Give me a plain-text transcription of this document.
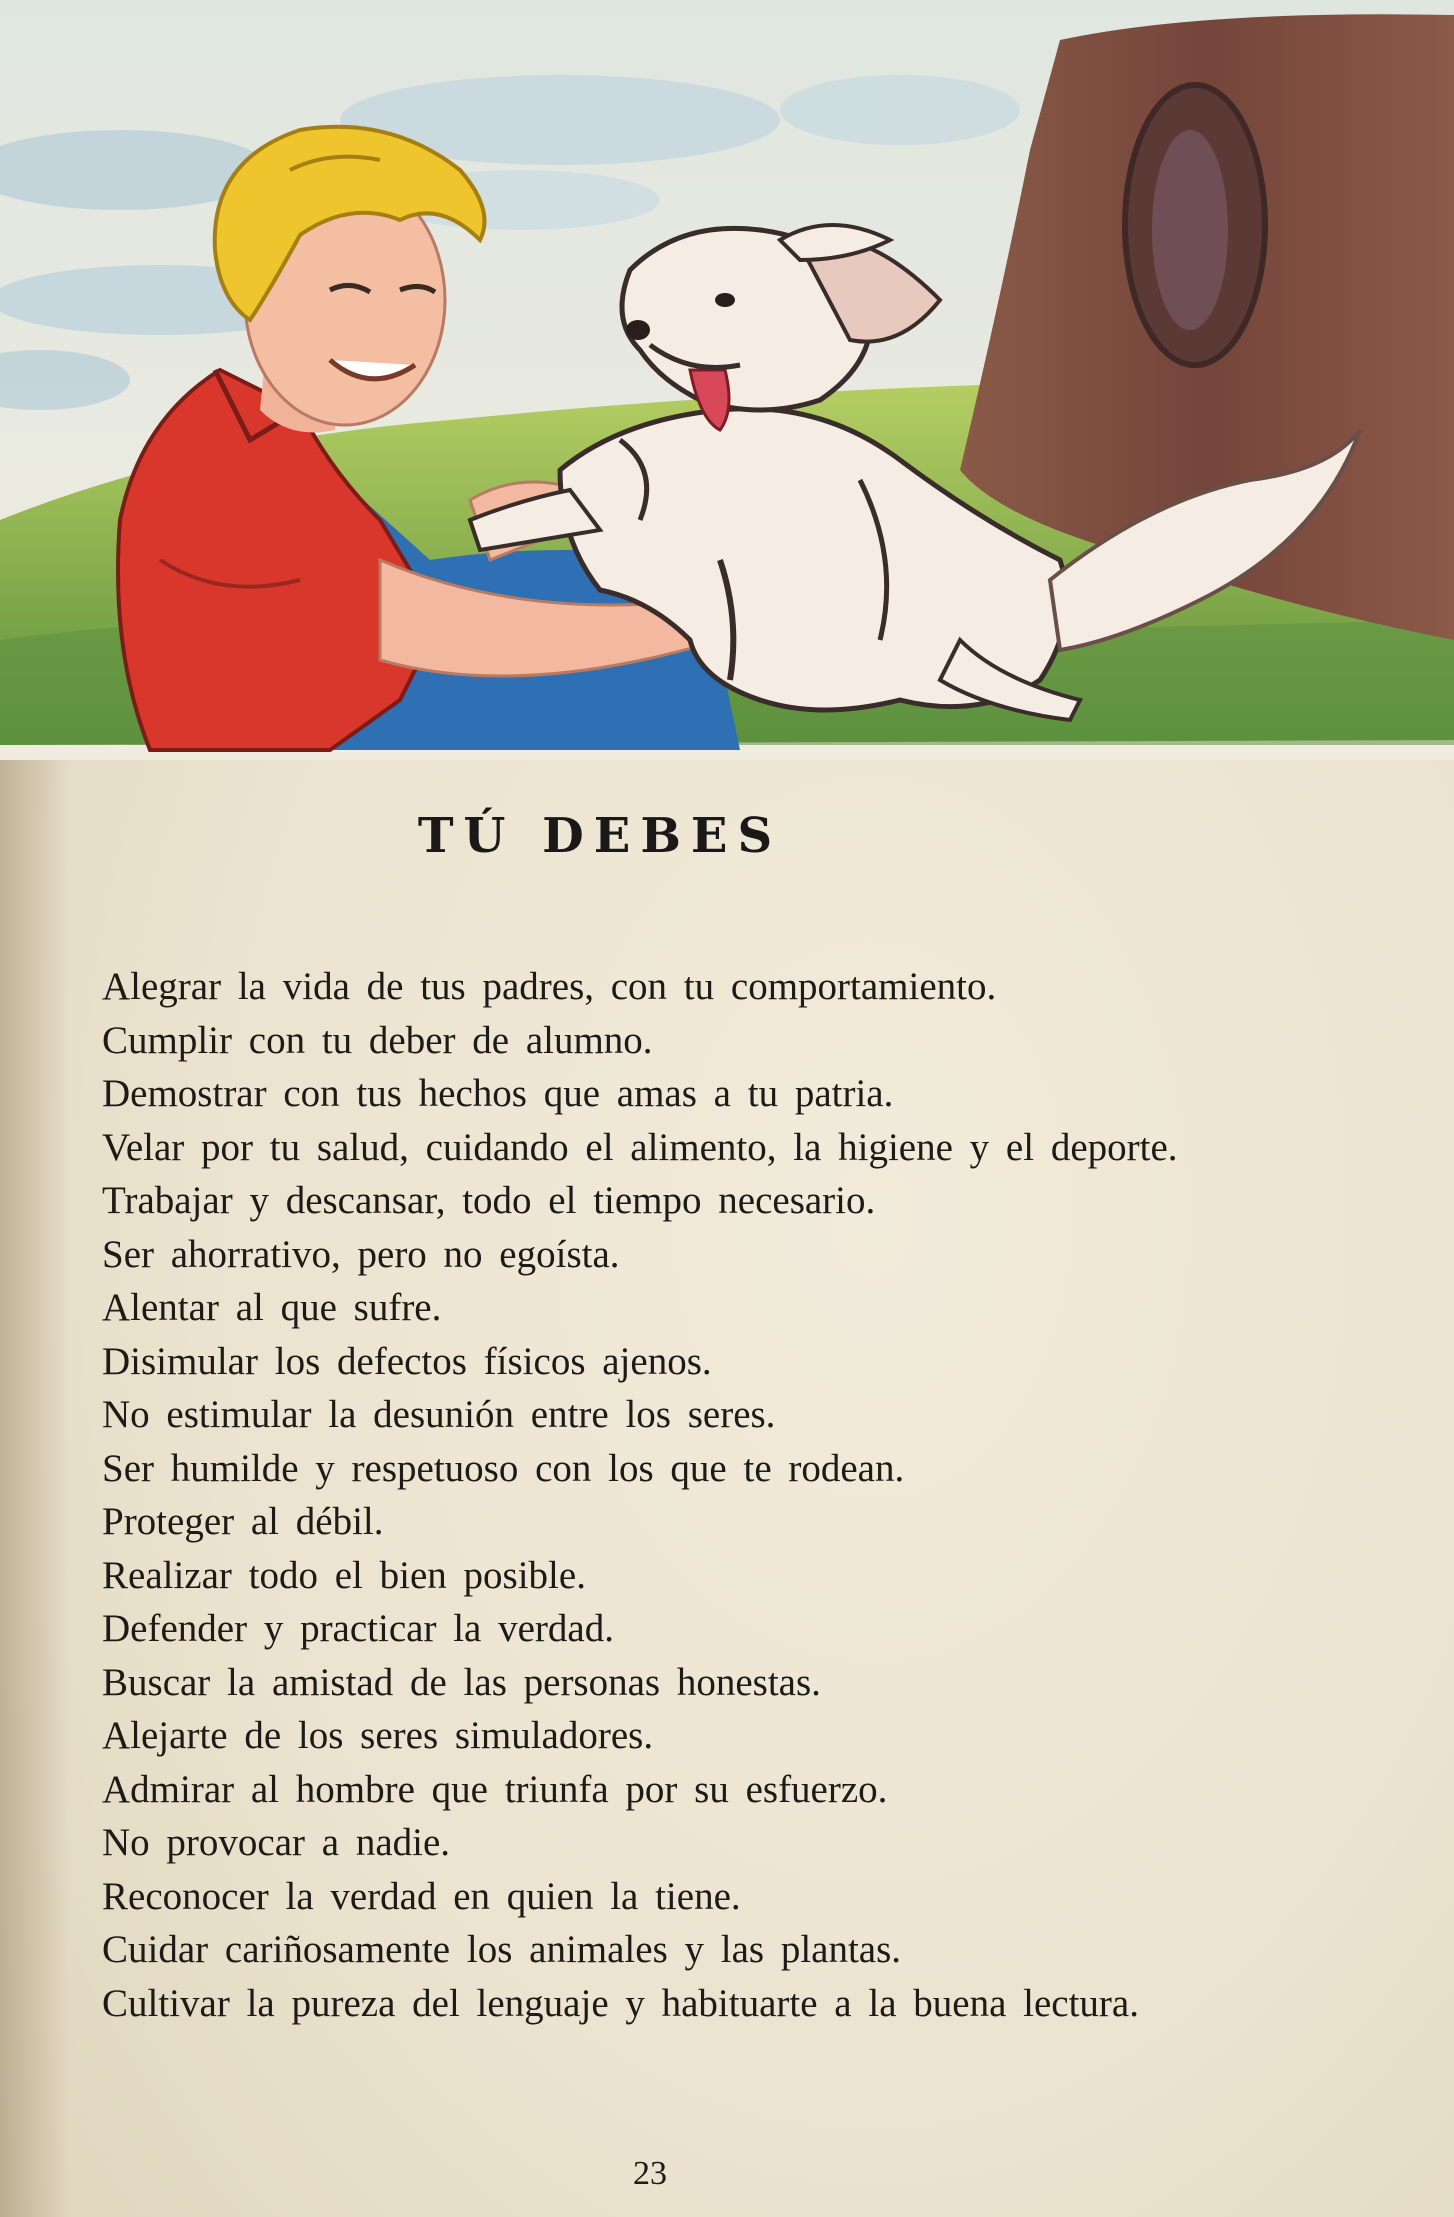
TÚ DEBES

Alegrar la vida de tus padres, con tu comportamiento.

Cumplir con tu deber de alumno.

Demostrar con tus hechos que amas a tu patria.

Velar por tu salud, cuidando el alimento, la higiene y el deporte.

Trabajar y descansar, todo el tiempo necesario.

Ser ahorrativo, pero no egoísta.

Alentar al que sufre.

Disimular los defectos físicos ajenos.

No estimular la desunión entre los seres.

Ser humilde y respetuoso con los que te rodean.

Proteger al débil.

Realizar todo el bien posible.

Defender y practicar la verdad.

Buscar la amistad de las personas honestas.

Alejarte de los seres simuladores.

Admirar al hombre que triunfa por su esfuerzo.

No provocar a nadie.

Reconocer la verdad en quien la tiene.

Cuidar cariñosamente los animales y las plantas.

Cultivar la pureza del lenguaje y habituarte a la buena lectura.

23
